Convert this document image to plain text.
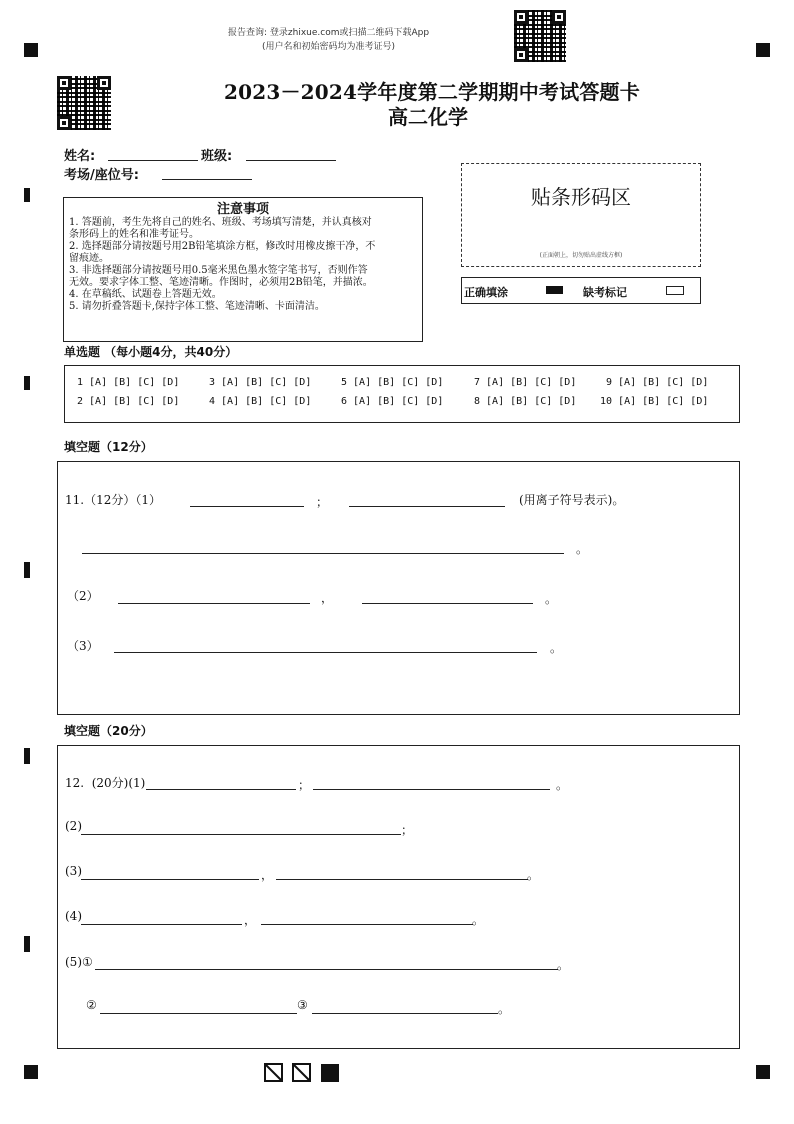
报告查询: 登录zhixue.com或扫描二维码下载App
(用户名和初始密码均为准考证号)
2023－2024学年度第二学期期中考试答题卡
高二化学
姓名:	班级:
考场/座位号:
注意事项
1. 答题前，考生先将自己的姓名、班级、考场填写清楚，并认真核对
条形码上的姓名和准考证号。
2. 选择题部分请按题号用2B铅笔填涂方框，修改时用橡皮擦干净，不
留痕迹。
3. 非选择题部分请按题号用0.5毫米黑色墨水签字笔书写，否则作答
无效。要求字体工整、笔迹清晰。作图时，必须用2B铅笔，并描浓。
4. 在草稿纸、试题卷上答题无效。
5. 请勿折叠答题卡,保持字体工整、笔迹清晰、卡面清洁。
贴条形码区
(正面朝上，切勿贴出虚线方框)
正确填涂	缺考标记
单选题 （每小题4分，共40分）
1 [A] [B] [C] [D]	3 [A] [B] [C] [D]	5 [A] [B] [C] [D]	7 [A] [B] [C] [D]	9 [A] [B] [C] [D]
2 [A] [B] [C] [D]	4 [A] [B] [C] [D]	6 [A] [B] [C] [D]	8 [A] [B] [C] [D] 10 [A] [B] [C] [D]
填空题（12分）
11.（12分）（1）	；	(用离子符号表示)。
。
（2）	，	。
（3）	。
填空题（20分）
12.  (20分)(1)	；	。
(2)	；
(3)	，	。
(4)	，	。
(5)①	。
②	③	。
